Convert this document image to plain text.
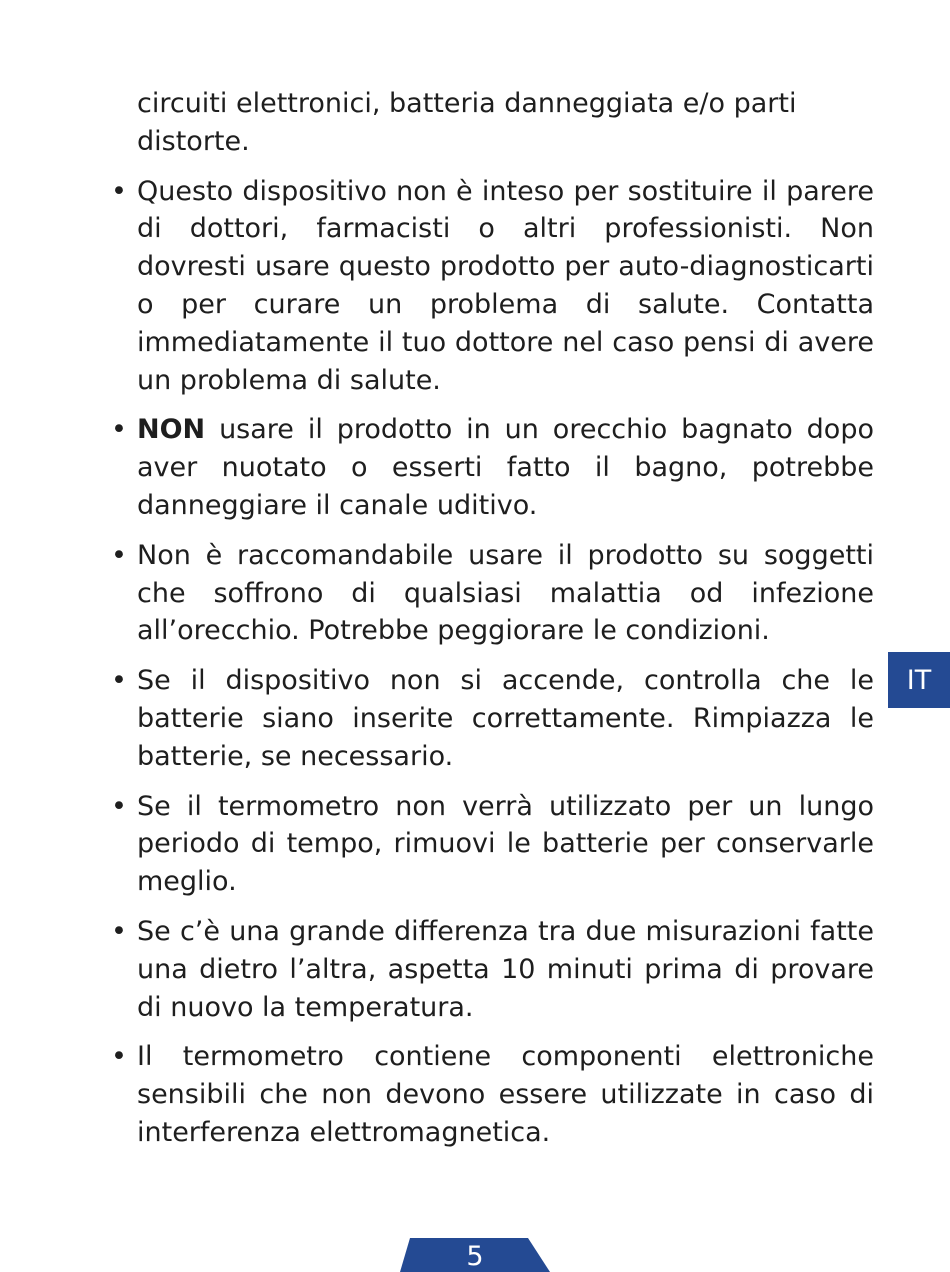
circuiti elettronici, batteria danneggiata e/o parti distorte.

• Questo dispositivo non è inteso per sostituire il parere di dottori, farmacisti o altri professionisti. Non dovresti usare questo prodotto per auto-diagnosticarti o per curare un problema di salute. Contatta immediatamente il tuo dottore nel caso pensi di avere un problema di salute.
• NON usare il prodotto in un orecchio bagnato dopo aver nuotato o esserti fatto il bagno, potrebbe danneggiare il canale uditivo.
• Non è raccomandabile usare il prodotto su soggetti che soffrono di qualsiasi malattia od infezione all’orecchio. Potrebbe peggiorare le condizioni.
• Se il dispositivo non si accende, controlla che le batterie siano inserite correttamente. Rimpiazza le batterie, se necessario.
• Se il termometro non verrà utilizzato per un lungo periodo di tempo, rimuovi le batterie per conservarle meglio.
• Se c’è una grande differenza tra due misurazioni fatte una dietro l’altra, aspetta 10 minuti prima di provare di nuovo la temperatura.
• Il termometro contiene componenti elettroniche sensibili che non devono essere utilizzate in caso di interferenza elettromagnetica.
IT
5
